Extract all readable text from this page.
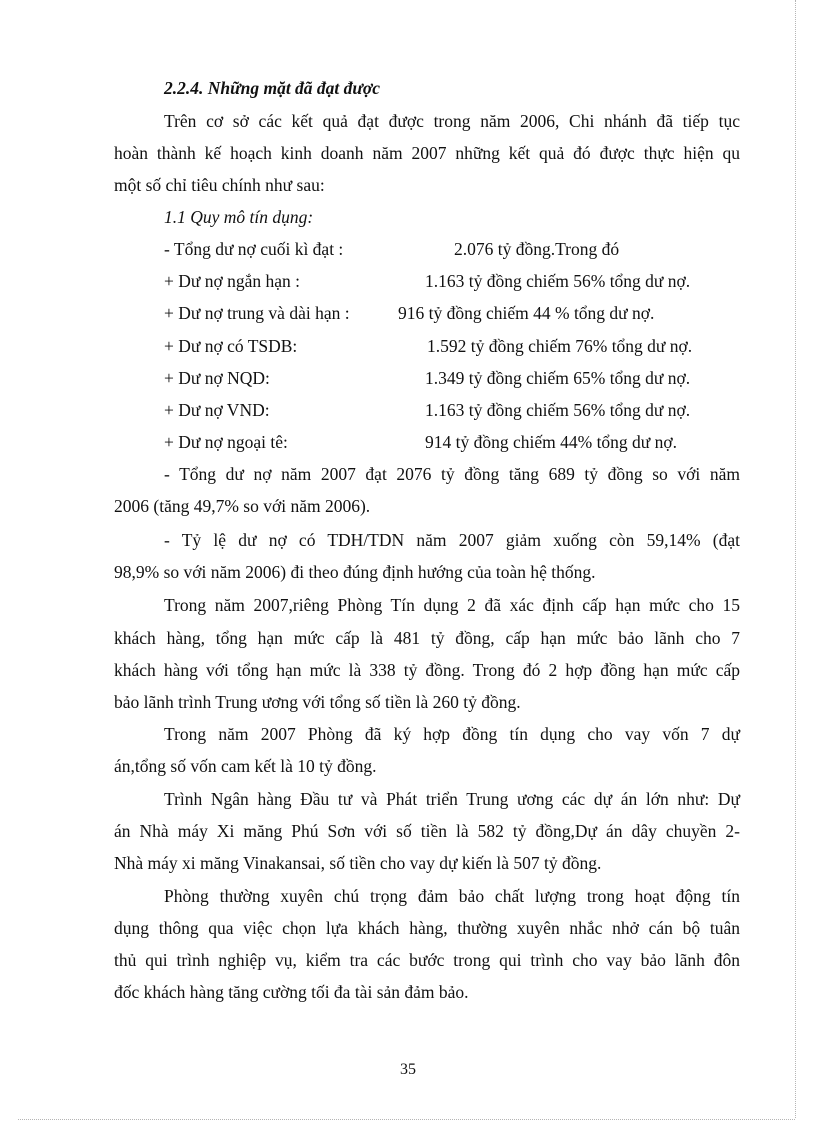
2.2.4. Những mặt đã đạt được
Trên cơ sở các kết quả đạt được trong năm 2006, Chi nhánh đã tiếp tục
hoàn thành kế hoạch kinh doanh năm 2007 những kết quả đó được thực hiện qu
một số chỉ tiêu chính như sau:
1.1 Quy mô tín dụng:
- Tổng dư nợ cuối kì đạt :	2.076 tỷ đồng.Trong đó
+ Dư nợ ngắn hạn :	1.163 tỷ đồng chiếm 56% tổng dư nợ.
+ Dư nợ trung và dài hạn :	916 tỷ đồng chiếm 44 % tổng dư nợ.
+ Dư nợ có TSDB:	1.592 tỷ đồng chiếm 76% tổng dư nợ.
+ Dư nợ NQD:	1.349 tỷ đồng chiếm 65% tổng dư nợ.
+ Dư nợ VND:	1.163 tỷ đồng chiếm 56% tổng dư nợ.
+ Dư nợ ngoại tê:	914 tỷ đồng chiếm 44% tổng dư nợ.
- Tổng dư nợ năm 2007 đạt 2076 tỷ đồng tăng 689 tỷ đồng so với năm
2006 (tăng 49,7% so với năm 2006).
- Tỷ lệ dư nợ có TDH/TDN năm 2007 giảm xuống còn 59,14% (đạt
98,9% so với năm 2006) đi theo đúng định hướng của toàn hệ thống.
Trong năm 2007,riêng Phòng Tín dụng 2 đã xác định cấp hạn mức cho 15
khách hàng, tổng hạn mức cấp là 481 tỷ đồng, cấp hạn mức bảo lãnh cho 7
khách hàng với tổng hạn mức là 338 tỷ đồng. Trong đó 2 hợp đồng hạn mức cấp
bảo lãnh trình Trung ương với tổng số tiền là 260 tỷ đồng.
Trong năm 2007 Phòng đã ký hợp đồng tín dụng cho vay vốn 7 dự
án,tổng số vốn cam kết là 10 tỷ đồng.
Trình Ngân hàng Đầu tư và Phát triển Trung ương các dự án lớn như: Dự
án Nhà máy Xi măng Phú Sơn với số tiền là 582 tỷ đồng,Dự án dây chuyền 2-
Nhà máy xi măng Vinakansai, số tiền cho vay dự kiến là 507 tỷ đồng.
Phòng thường xuyên chú trọng đảm bảo chất lượng trong hoạt động tín
dụng thông qua việc chọn lựa khách hàng, thường xuyên nhắc nhở cán bộ tuân
thủ qui trình nghiệp vụ, kiểm tra các bước trong qui trình cho vay bảo lãnh đôn
đốc khách hàng tăng cường tối đa tài sản đảm bảo.
35
